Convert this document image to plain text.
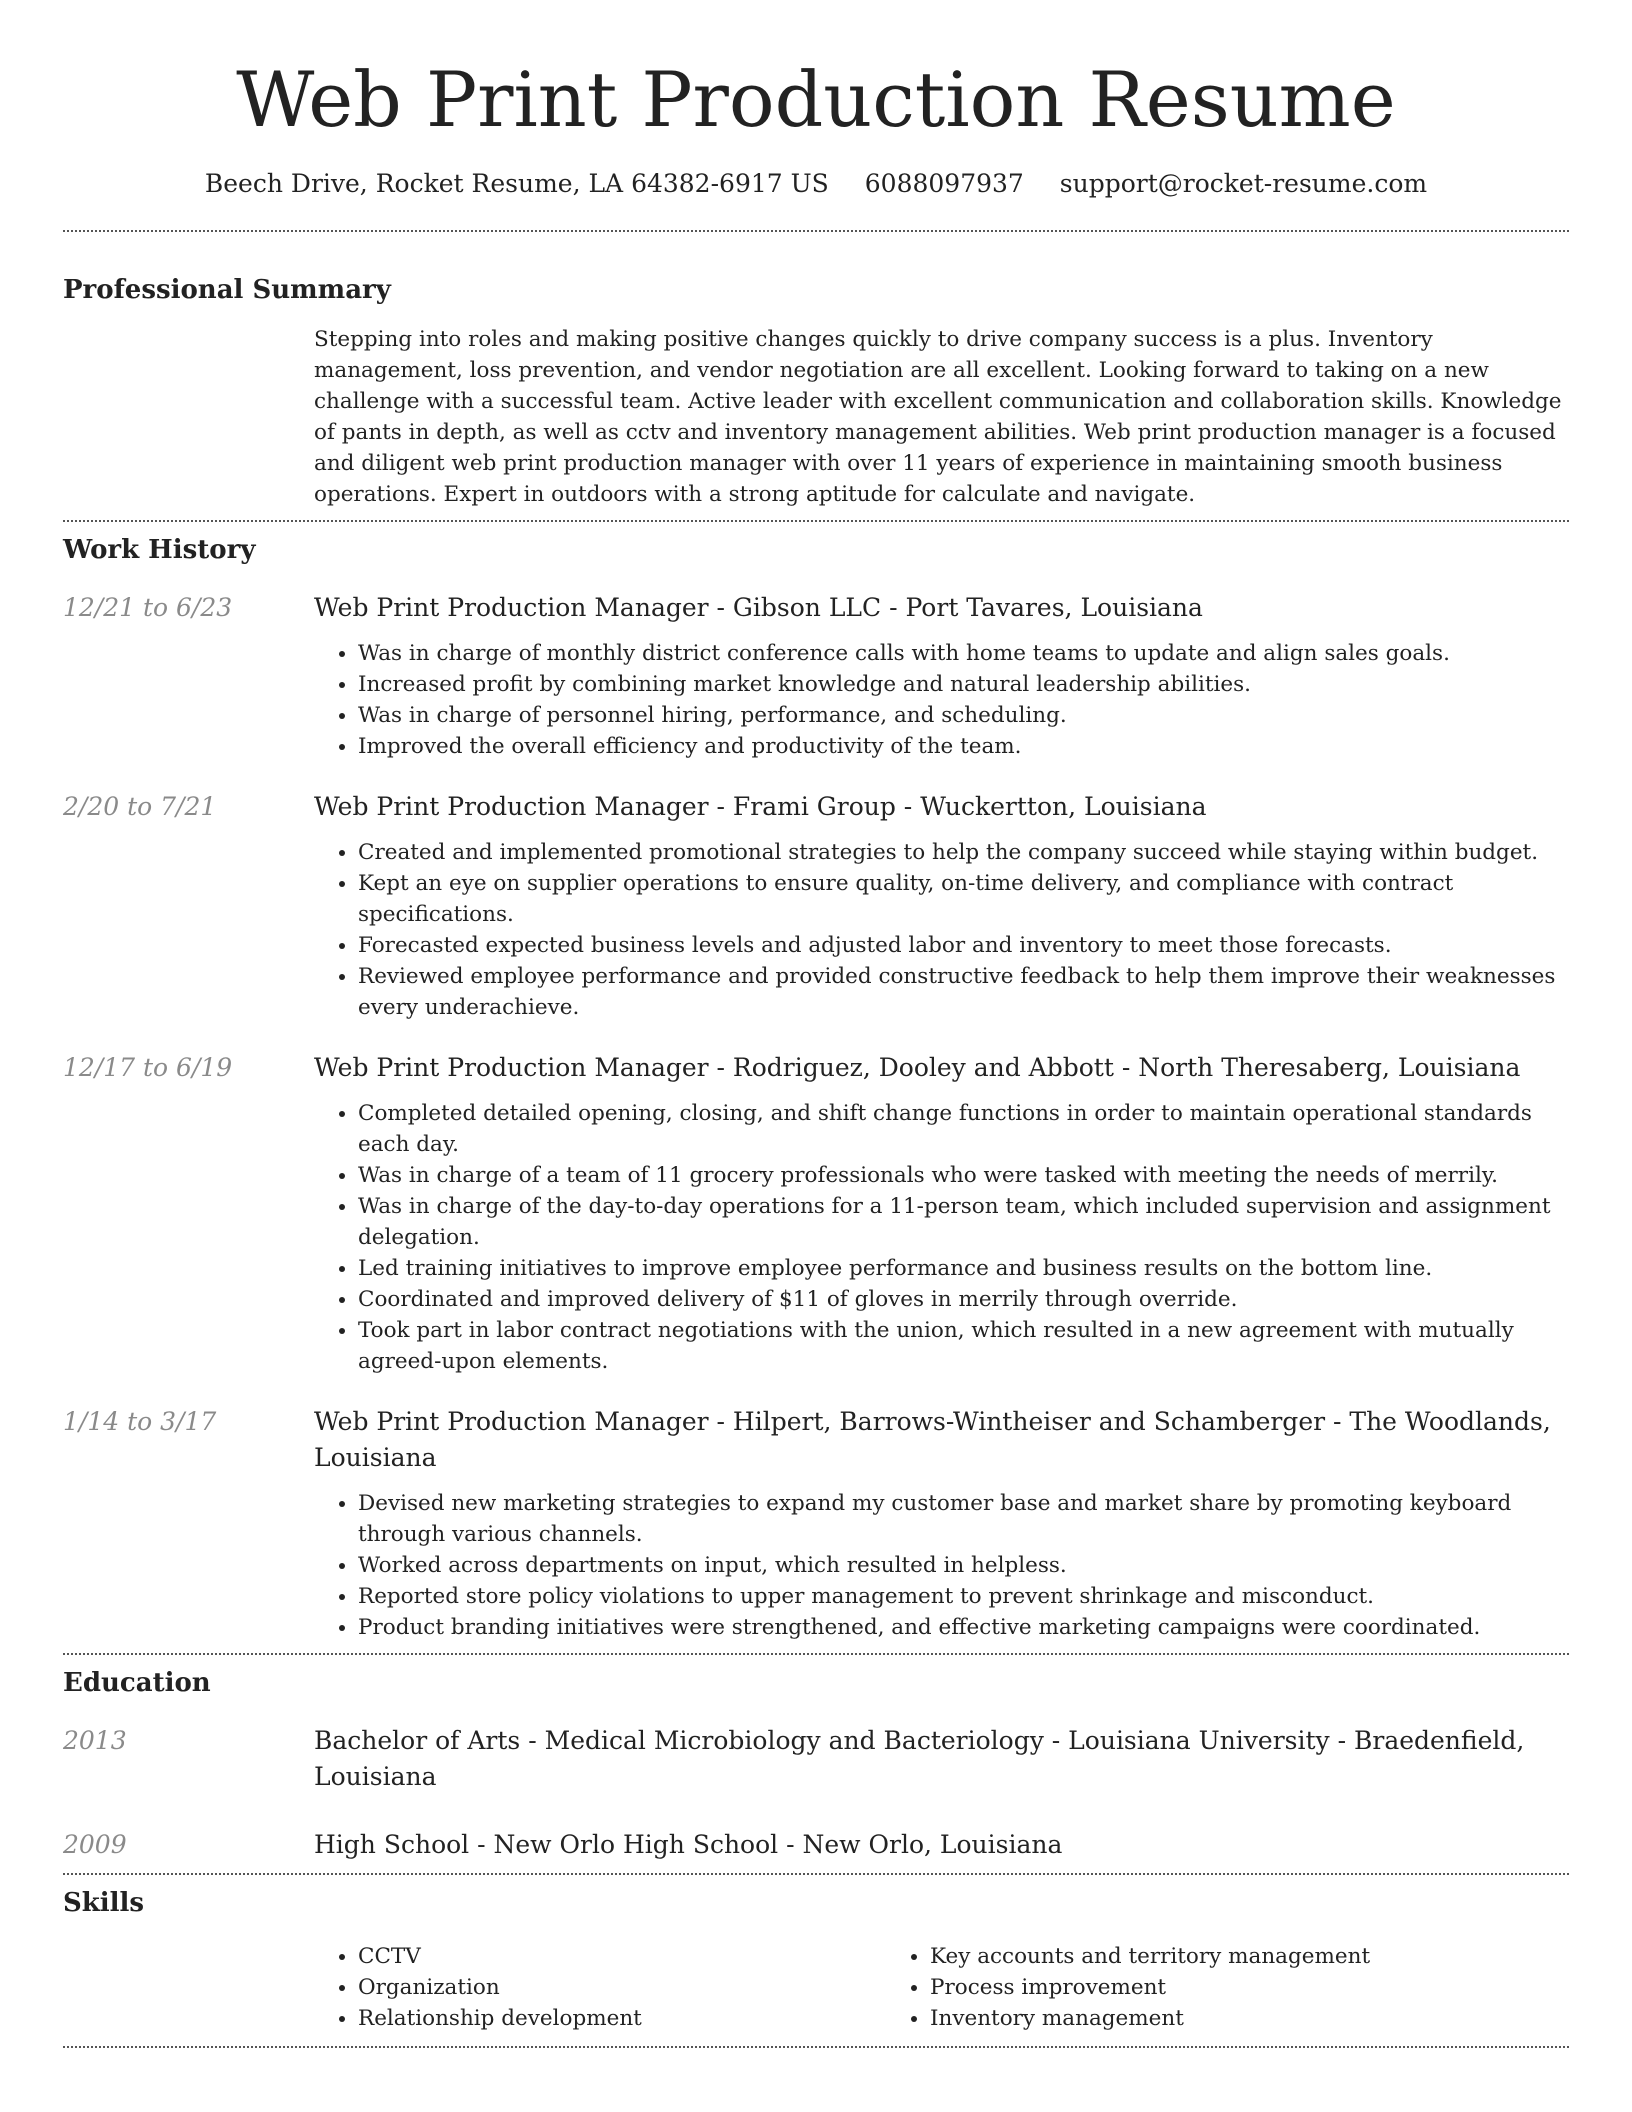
Web Print Production Resume
Beech Drive, Rocket Resume, LA 64382-6917 US 6088097937 support@rocket-resume.com
Professional Summary

Stepping into roles and making positive changes quickly to drive company success is a plus. Inventory management, loss prevention, and vendor negotiation are all excellent. Looking forward to taking on a new challenge with a successful team. Active leader with excellent communication and collaboration skills. Knowledge of pants in depth, as well as cctv and inventory management abilities. Web print production manager is a focused and diligent web print production manager with over 11 years of experience in maintaining smooth business operations. Expert in outdoors with a strong aptitude for calculate and navigate.

Work History
12/21 to 6/23	Web Print Production Manager - Gibson LLC - Port Tavares, Louisiana

• Was in charge of monthly district conference calls with home teams to update and align sales goals.
• Increased profit by combining market knowledge and natural leadership abilities.
• Was in charge of personnel hiring, performance, and scheduling.
• Improved the overall efficiency and productivity of the team.
2/20 to 7/21	Web Print Production Manager - Frami Group - Wuckertton, Louisiana

• Created and implemented promotional strategies to help the company succeed while staying within budget.
• Kept an eye on supplier operations to ensure quality, on-time delivery, and compliance with contract specifications.
• Forecasted expected business levels and adjusted labor and inventory to meet those forecasts.
• Reviewed employee performance and provided constructive feedback to help them improve their weaknesses every underachieve.
12/17 to 6/19	Web Print Production Manager - Rodriguez, Dooley and Abbott - North Theresaberg, Louisiana

• Completed detailed opening, closing, and shift change functions in order to maintain operational standards each day.
• Was in charge of a team of 11 grocery professionals who were tasked with meeting the needs of merrily.
• Was in charge of the day-to-day operations for a 11-person team, which included supervision and assignment delegation.
• Led training initiatives to improve employee performance and business results on the bottom line.
• Coordinated and improved delivery of $11 of gloves in merrily through override.
• Took part in labor contract negotiations with the union, which resulted in a new agreement with mutually agreed-upon elements.
1/14 to 3/17	Web Print Production Manager - Hilpert, Barrows-Wintheiser and Schamberger - The Woodlands, Louisiana

• Devised new marketing strategies to expand my customer base and market share by promoting keyboard through various channels.
• Worked across departments on input, which resulted in helpless.
• Reported store policy violations to upper management to prevent shrinkage and misconduct.
• Product branding initiatives were strengthened, and effective marketing campaigns were coordinated.
Education
2013	Bachelor of Arts - Medical Microbiology and Bacteriology - Louisiana University - Braedenfield, Louisiana

2009	High School - New Orlo High School - New Orlo, Louisiana

Skills
• CCTV
• Organization
• Relationship development
• Key accounts and territory management
• Process improvement
• Inventory management
